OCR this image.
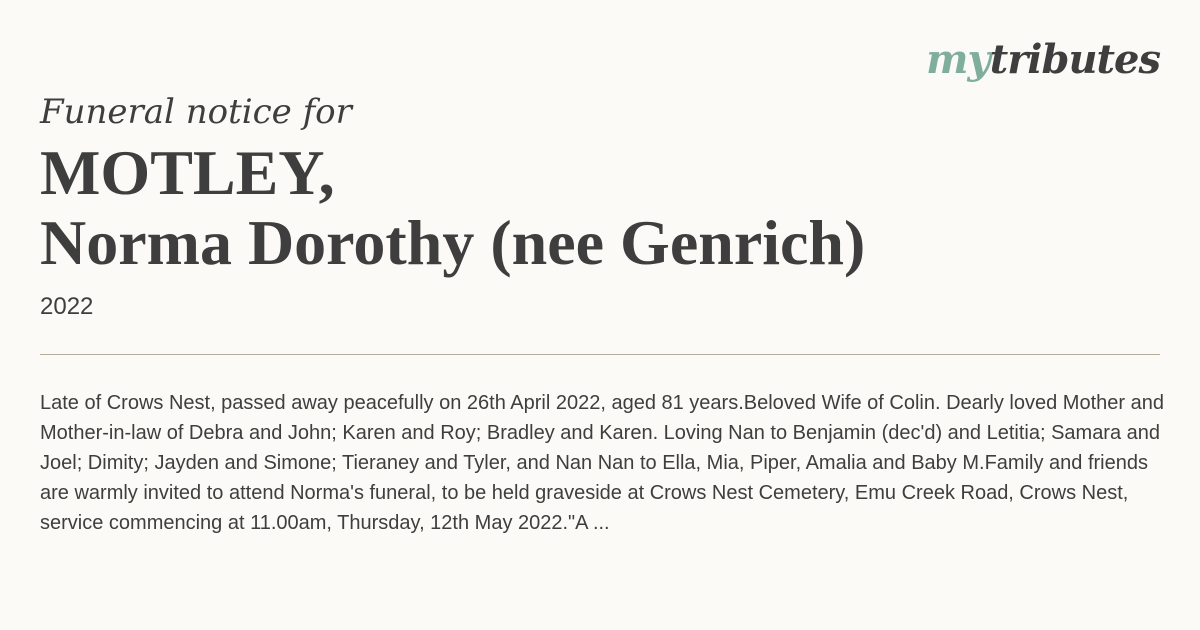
mytributes

Funeral notice for

MOTLEY,
Norma Dorothy (nee Genrich)

2022

Late of Crows Nest, passed away peacefully on 26th April 2022, aged 81 years.Beloved Wife of Colin. Dearly loved Mother and Mother-in-law of Debra and John; Karen and Roy; Bradley and Karen. Loving Nan to Benjamin (dec'd) and Letitia; Samara and Joel; Dimity; Jayden and Simone; Tieraney and Tyler, and Nan Nan to Ella, Mia, Piper, Amalia and Baby M.Family and friends are warmly invited to attend Norma's funeral, to be held graveside at Crows Nest Cemetery, Emu Creek Road, Crows Nest, service commencing at 11.00am, Thursday, 12th May 2022."A ...
